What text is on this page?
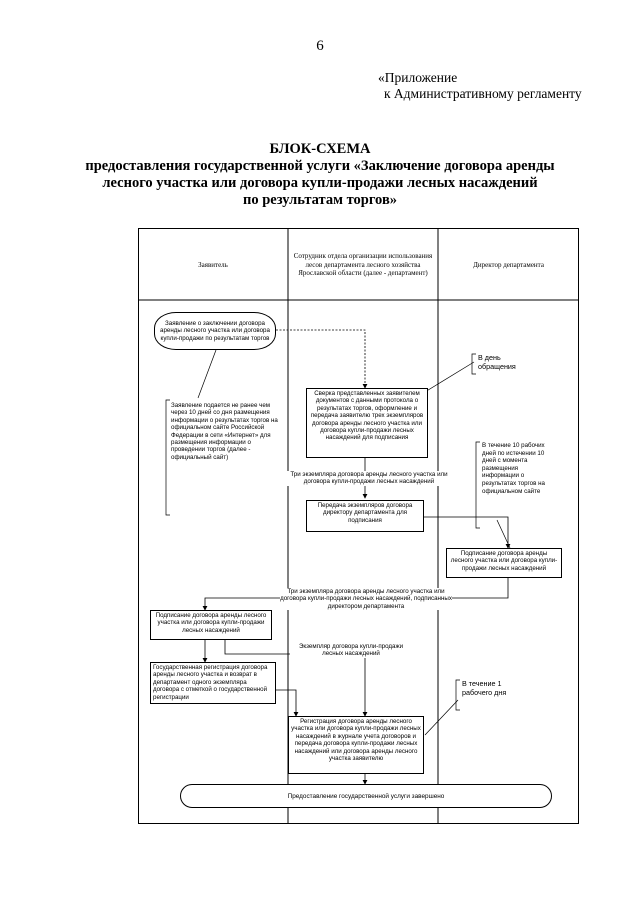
6
«Приложение
к Административному регламенту
БЛОК-СХЕМА
предоставления государственной услуги «Заключение договора аренды
лесного участка или договора купли-продажи лесных насаждений
по результатам торгов»
Заявитель
Сотрудник отдела организации использования лесов департамента лесного хозяйства Ярославской области (далее - департамент)
Директор департамента
Заявление о заключении договора аренды лесного участка или договора купли-продажи по результатам торгов
Заявление подается не ранее чем через 10 дней со дня размещения информации о результатах торгов на официальном сайте Российской Федерации в сети «Интернет» для размещения информации о проведении торгов (далее - официальный сайт)
Подписание договора аренды лесного участка или договора купли-продажи лесных насаждений
Государственная регистрация договора аренды лесного участка и возврат в департамент одного экземпляра договора с отметкой о государственной регистрации
Сверка представленных заявителем документов с данными протокола о результатах торгов, оформление и передача заявителю трех экземпляров договора аренды лесного участка или договора купли-продажи лесных насаждений для подписания
Три экземпляра договора аренды лесного участка или договора купли-продажи лесных насаждений
Передача экземпляров договора директору департамента для подписания
Три экземпляра договора аренды лесного участка или договора купли-продажи лесных насаждений, подписанных директором департамента
Экземпляр договора купли-продажи лесных насаждений
Регистрация договора аренды лесного участка или договора купли-продажи лесных насаждений в журнале учета договоров и передача договора купли-продажи лесных насаждений или договора аренды лесного участка заявителю
Подписание договора аренды лесного участка или договора купли-продажи лесных насаждений
В день обращения
В течение 10 рабочих дней по истечении 10 дней с момента размещения информации о результатах торгов на официальном сайте
В течение 1 рабочего дня
Предоставление государственной услуги завершено
